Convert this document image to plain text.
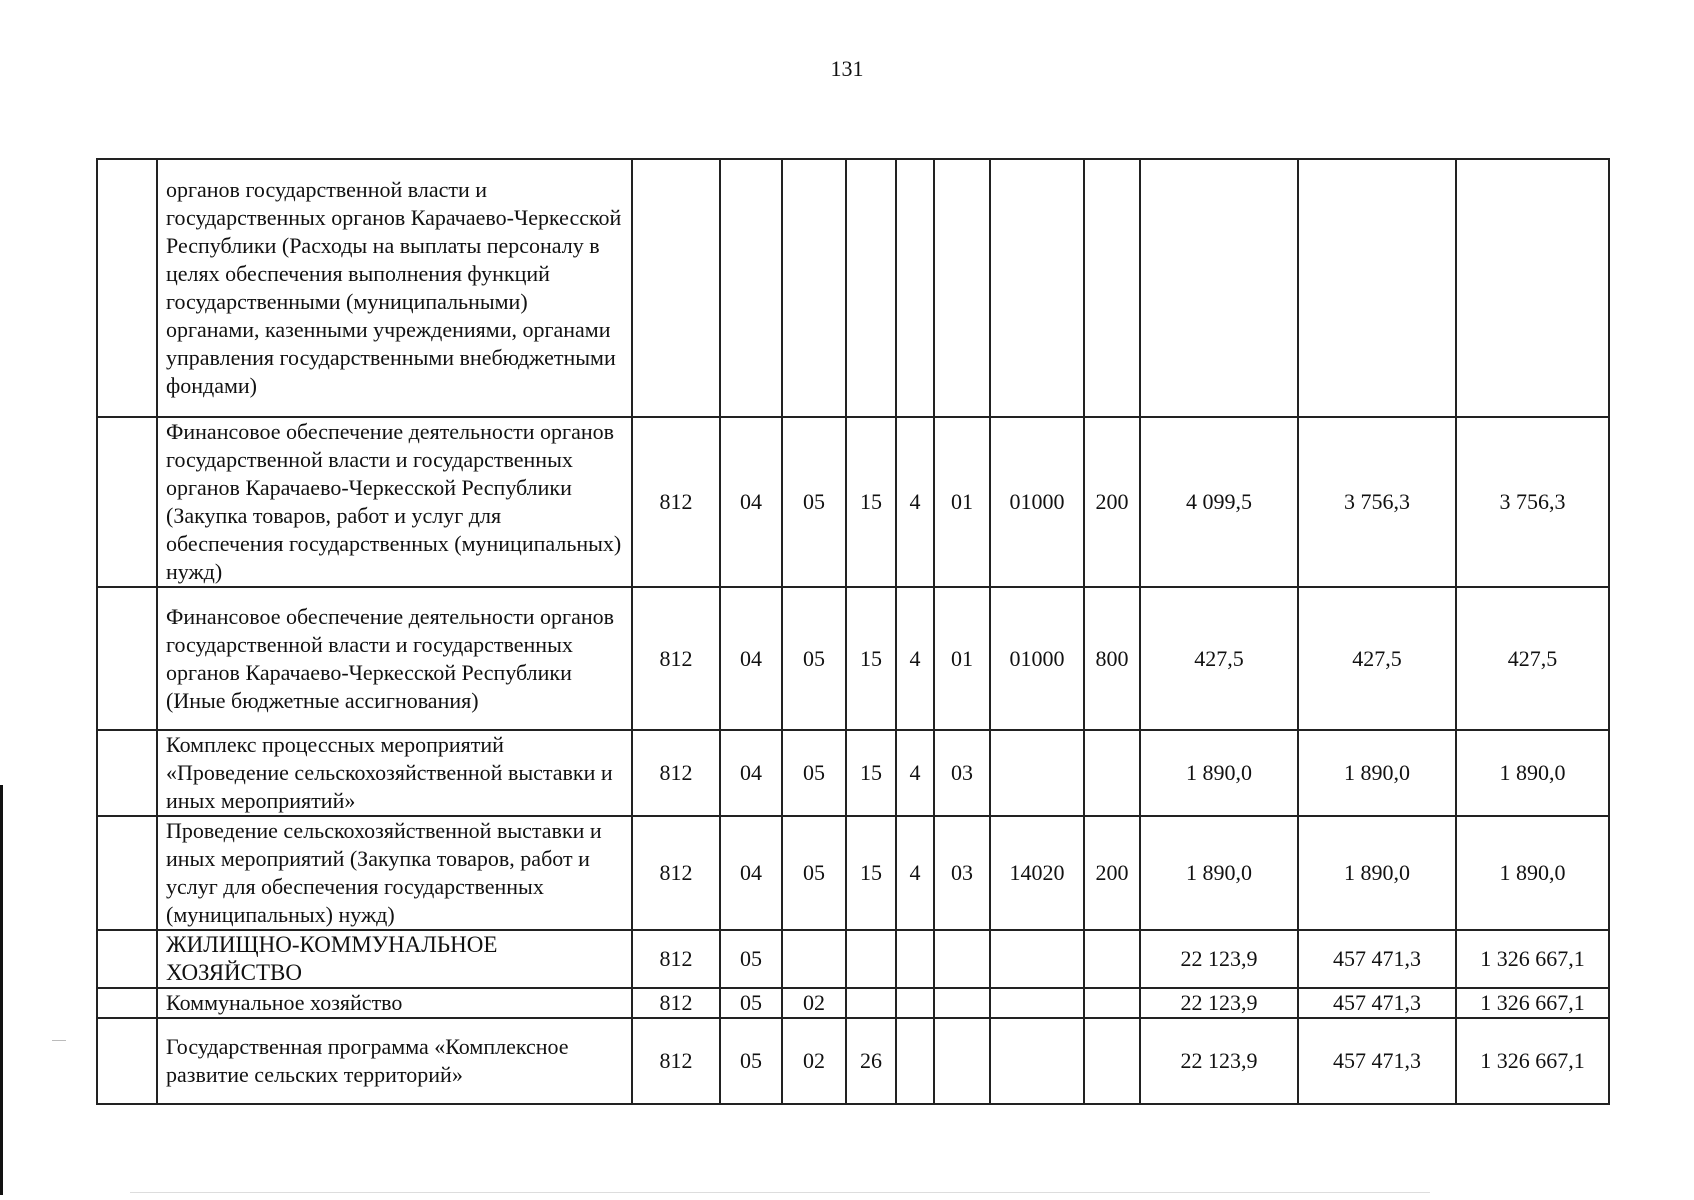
131
	органов государственной власти и государственных органов Карачаево-Черкесской Республики (Расходы на выплаты персоналу в целях обеспечения выполнения функций государственными (муниципальными) органами, казенными учреждениями, органами управления государственными внебюджетными фондами)											
	Финансовое обеспечение деятельности органов государственной власти и государственных органов Карачаево-Черкесской Республики (Закупка товаров, работ и услуг для обеспечения государственных (муниципальных) нужд)	812	04	05	15	4	01	01000	200	4 099,5	3 756,3	3 756,3
	Финансовое обеспечение деятельности органов государственной власти и государственных органов Карачаево-Черкесской Республики (Иные бюджетные ассигнования)	812	04	05	15	4	01	01000	800	427,5	427,5	427,5
	Комплекс процессных мероприятий «Проведение сельскохозяйственной выставки и иных мероприятий»	812	04	05	15	4	03			1 890,0	1 890,0	1 890,0
	Проведение сельскохозяйственной выставки и иных мероприятий (Закупка товаров, работ и услуг для обеспечения государственных (муниципальных) нужд)	812	04	05	15	4	03	14020	200	1 890,0	1 890,0	1 890,0
	ЖИЛИЩНО-КОММУНАЛЬНОЕ ХОЗЯЙСТВО	812	05							22 123,9	457 471,3	1 326 667,1
	Коммунальное хозяйство	812	05	02						22 123,9	457 471,3	1 326 667,1
	Государственная программа «Комплексное развитие сельских территорий»	812	05	02	26					22 123,9	457 471,3	1 326 667,1
